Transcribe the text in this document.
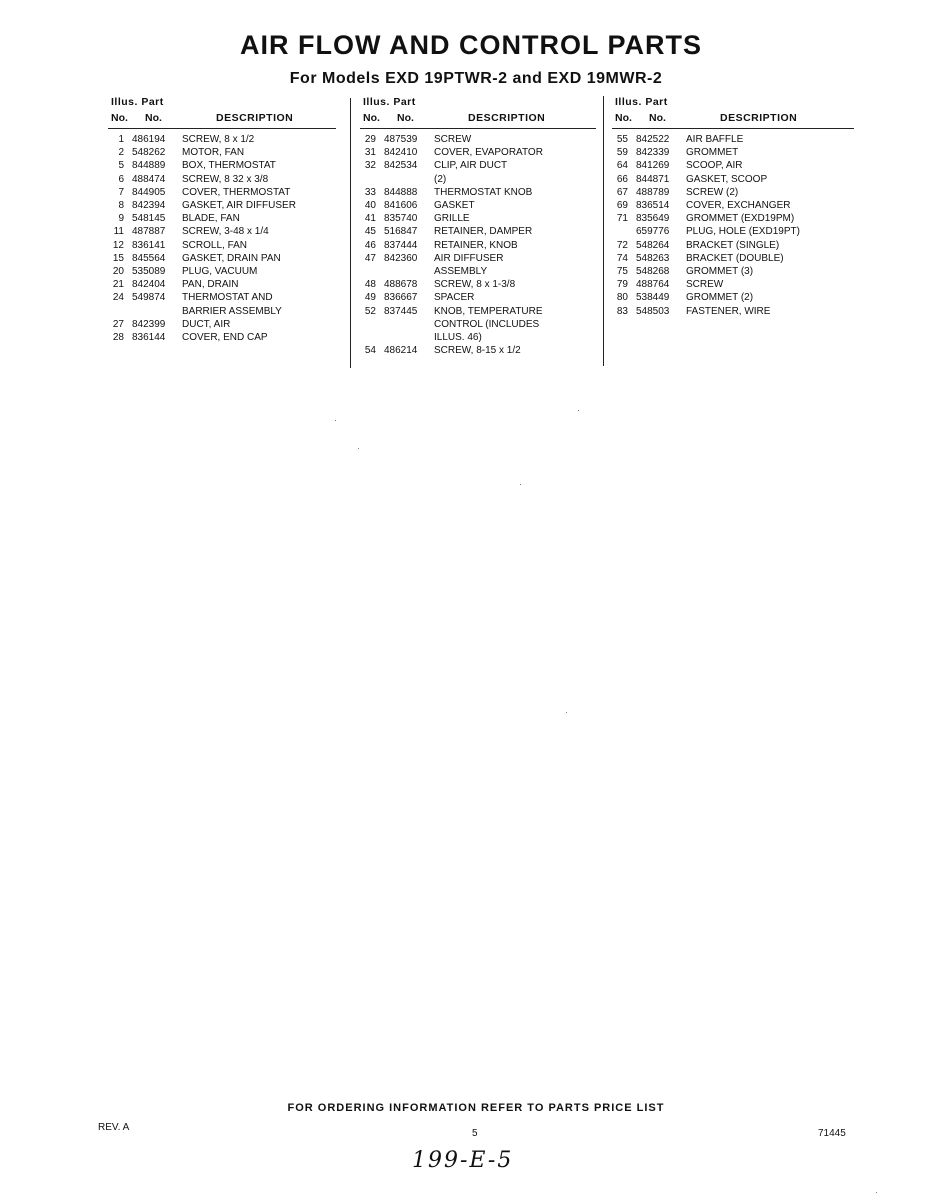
AIR FLOW AND CONTROL PARTS
For Models EXD 19PTWR-2 and EXD 19MWR-2
Illus. Part
No. No.	DESCRIPTION
1 486194	SCREW, 8 x 1/2
2 548262	MOTOR, FAN
5 844889	BOX, THERMOSTAT
6 488474	SCREW, 8 32 x 3/8
7 844905	COVER, THERMOSTAT
8 842394	GASKET, AIR DIFFUSER
9 548145	BLADE, FAN
11 487887	SCREW, 3-48 x 1/4
12 836141	SCROLL, FAN
15 845564	GASKET, DRAIN PAN
20 535089	PLUG, VACUUM
21 842404	PAN, DRAIN
24 549874	THERMOSTAT AND
BARRIER ASSEMBLY
27 842399	DUCT, AIR
28 836144	COVER, END CAP
Illus. Part
No. No.	DESCRIPTION
29 487539	SCREW
31 842410	COVER, EVAPORATOR
32 842534	CLIP, AIR DUCT
(2)
33 844888	THERMOSTAT KNOB
40 841606	GASKET
41 835740	GRILLE
45 516847	RETAINER, DAMPER
46 837444	RETAINER, KNOB
47 842360	AIR DIFFUSER
ASSEMBLY
48 488678	SCREW, 8 x 1-3/8
49 836667	SPACER
52 837445	KNOB, TEMPERATURE
CONTROL (INCLUDES
ILLUS. 46)
54 486214	SCREW, 8-15 x 1/2
Illus. Part
No. No.	DESCRIPTION
55 842522	AIR BAFFLE
59 842339	GROMMET
64 841269	SCOOP, AIR
66 844871	GASKET, SCOOP
67 488789	SCREW (2)
69 836514	COVER, EXCHANGER
71 835649	GROMMET (EXD19PM)
659776	PLUG, HOLE (EXD19PT)
72 548264	BRACKET (SINGLE)
74 548263	BRACKET (DOUBLE)
75 548268	GROMMET (3)
79 488764	SCREW
80 538449	GROMMET (2)
83 548503	FASTENER, WIRE
FOR ORDERING INFORMATION REFER TO PARTS PRICE LIST
REV. A
5	71445
199-E-5
